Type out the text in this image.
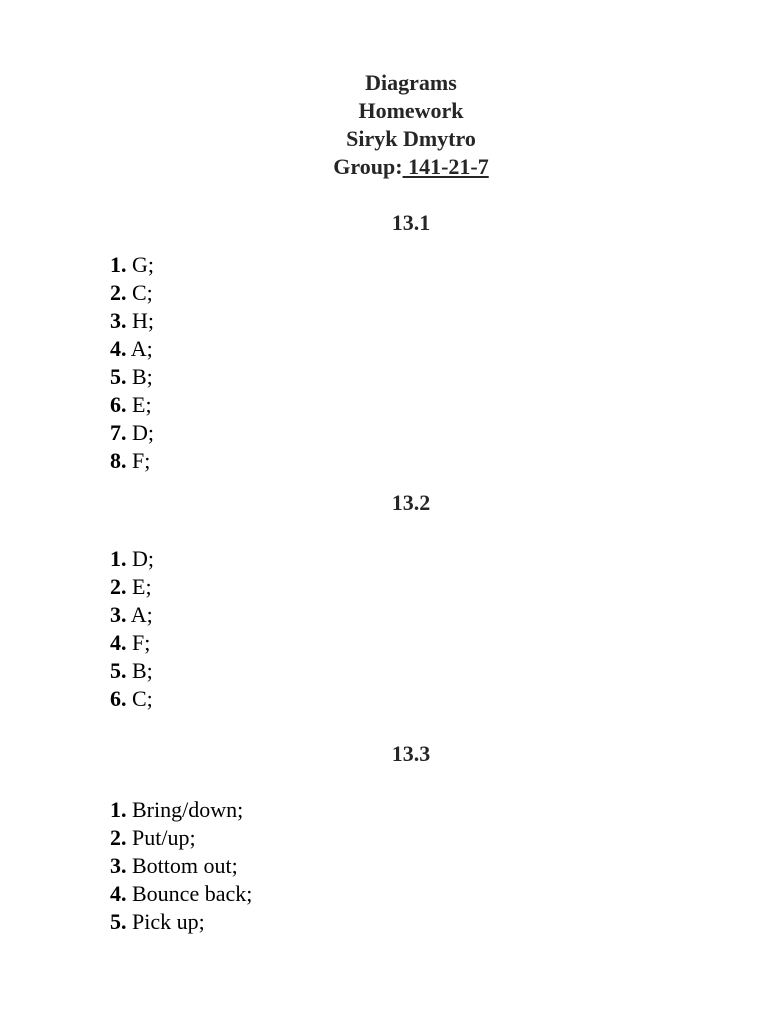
Diagrams
Homework
Siryk Dmytro
Group: 141-21-7
13.1
1. G;
2. C;
3. H;
4. A;
5. B;
6. E;
7. D;
8. F;
13.2
1. D;
2. E;
3. A;
4. F;
5. B;
6. C;
13.3
1. Bring/down;
2. Put/up;
3. Bottom out;
4. Bounce back;
5. Pick up;
